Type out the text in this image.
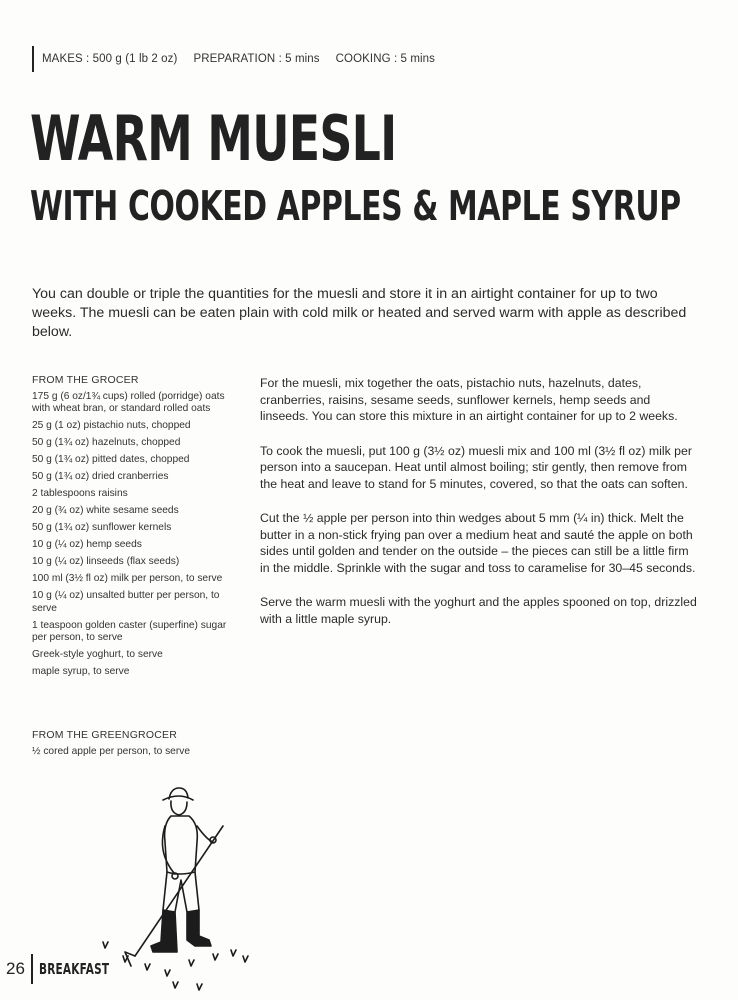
MAKES : 500 g (1 lb 2 oz) PREPARATION : 5 mins COOKING : 5 mins
WARM MUESLI
WITH COOKED APPLES & MAPLE SYRUP

You can double or triple the quantities for the muesli and store it in an airtight container for up to two weeks. The muesli can be eaten plain with cold milk or heated and served warm with apple as described below.

FROM THE GROCER

175 g (6 oz/1¾ cups) rolled (porridge) oats with wheat bran, or standard rolled oats
25 g (1 oz) pistachio nuts, chopped
50 g (1¾ oz) hazelnuts, chopped
50 g (1¾ oz) pitted dates, chopped
50 g (1¾ oz) dried cranberries
2 tablespoons raisins
20 g (¾ oz) white sesame seeds
50 g (1¾ oz) sunflower kernels
10 g (¼ oz) hemp seeds
10 g (¼ oz) linseeds (flax seeds)
100 ml (3½ fl oz) milk per person, to serve
10 g (¼ oz) unsalted butter per person, to serve
1 teaspoon golden caster (superfine) sugar per person, to serve
Greek-style yoghurt, to serve
maple syrup, to serve

FROM THE GREENGROCER

½ cored apple per person, to serve

For the muesli, mix together the oats, pistachio nuts, hazelnuts, dates, cranberries, raisins, sesame seeds, sunflower kernels, hemp seeds and linseeds. You can store this mixture in an airtight container for up to 2 weeks.

To cook the muesli, put 100 g (3½ oz) muesli mix and 100 ml (3½ fl oz) milk per person into a saucepan. Heat until almost boiling; stir gently, then remove from the heat and leave to stand for 5 minutes, covered, so that the oats can soften.

Cut the ½ apple per person into thin wedges about 5 mm (¼ in) thick. Melt the butter in a non-stick frying pan over a medium heat and sauté the apple on both sides until golden and tender on the outside – the pieces can still be a little firm in the middle. Sprinkle with the sugar and toss to caramelise for 30–45 seconds.

Serve the warm muesli with the yoghurt and the apples spooned on top, drizzled with a little maple syrup.

26 BREAKFAST
